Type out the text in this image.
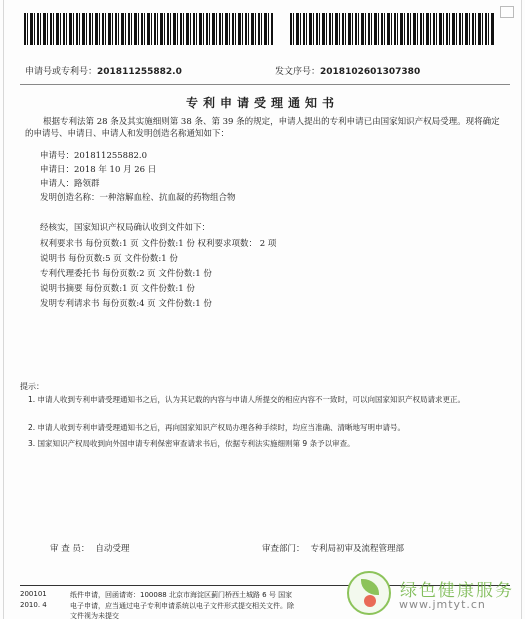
申请号或专利号：201811255882.0	发文序号：2018102601307380
专利申请受理通知书
根据专利法第 28 条及其实施细则第 38 条、第 39 条的规定，申请人提出的专利申请已由国家知识产权局受理。现将确定的申请号、申请日、申请人和发明创造名称通知如下：
申请号：201811255882.0
申请日：2018 年 10 月 26 日
申请人：路领群
发明创造名称：一种溶解血栓、抗血凝的药物组合物
经核实，国家知识产权局确认收到文件如下：
权利要求书 每份页数:1 页 文件份数:1 份 权利要求项数： 2 项
说明书 每份页数:5 页 文件份数:1 份
专利代理委托书 每份页数:2 页 文件份数:1 份
说明书摘要 每份页数:1 页 文件份数:1 份
发明专利请求书 每份页数:4 页 文件份数:1 份
提示：
1. 申请人收到专利申请受理通知书之后，认为其记载的内容与申请人所提交的相应内容不一致时，可以向国家知识产权局请求更正。
2. 申请人收到专利申请受理通知书之后，再向国家知识产权局办理各种手续时，均应当准确、清晰地写明申请号。
3. 国家知识产权局收到向外国申请专利保密审查请求书后，依据专利法实施细则第 9 条予以审查。
审 查 员： 自动受理	审查部门： 专利局初审及流程管理部
200101	纸件申请，回函请寄：100088 北京市海淀区蓟门桥西土城路 6 号 国家
2010. 4	电子申请，应当通过电子专利申请系统以电子文件形式提交相关文件。除
文件视为未提交
绿色健康服务
www.jmtyt.cn
